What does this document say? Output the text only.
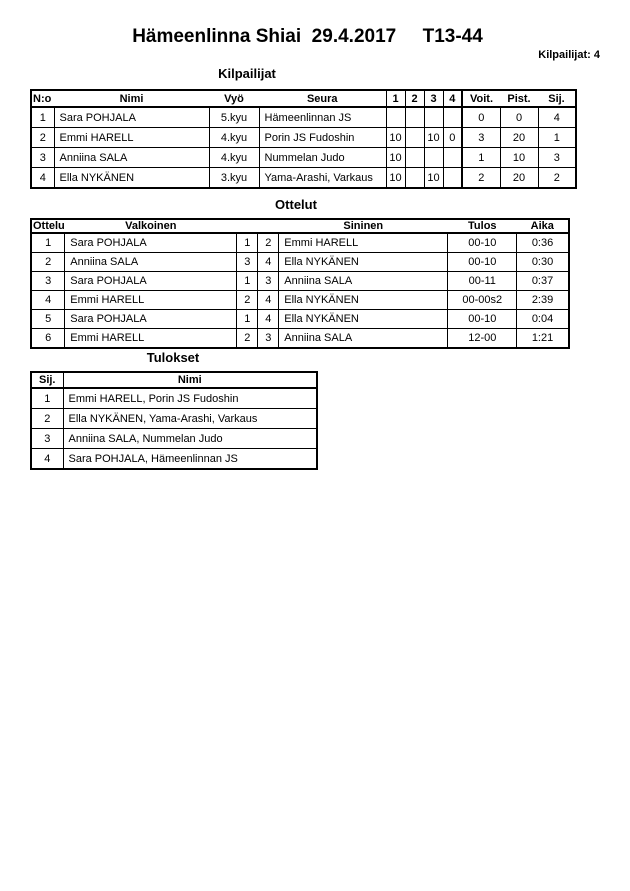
Hämeenlinna Shiai  29.4.2017     T13-44
Kilpailijat: 4
Kilpailijat
N:o	Nimi	Vyö	Seura	1	2	3	4	Voit.	Pist.	Sij.
1	Sara POHJALA	5.kyu	Hämeenlinnan JS					0	0	4
2	Emmi HARELL	4.kyu	Porin JS Fudoshin	10		10	0	3	20	1
3	Anniina SALA	4.kyu	Nummelan Judo	10				1	10	3
4	Ella NYKÄNEN	3.kyu	Yama-Arashi, Varkaus	10		10		2	20	2
Ottelut
Ottelu	Valkoinen			Sininen	Tulos	Aika
1	Sara POHJALA	1	2	Emmi HARELL	00-10	0:36
2	Anniina SALA	3	4	Ella NYKÄNEN	00-10	0:30
3	Sara POHJALA	1	3	Anniina SALA	00-11	0:37
4	Emmi HARELL	2	4	Ella NYKÄNEN	00-00s2	2:39
5	Sara POHJALA	1	4	Ella NYKÄNEN	00-10	0:04
6	Emmi HARELL	2	3	Anniina SALA	12-00	1:21
Tulokset
Sij.	Nimi
1	Emmi HARELL, Porin JS Fudoshin
2	Ella NYKÄNEN, Yama-Arashi, Varkaus
3	Anniina SALA, Nummelan Judo
4	Sara POHJALA, Hämeenlinnan JS
